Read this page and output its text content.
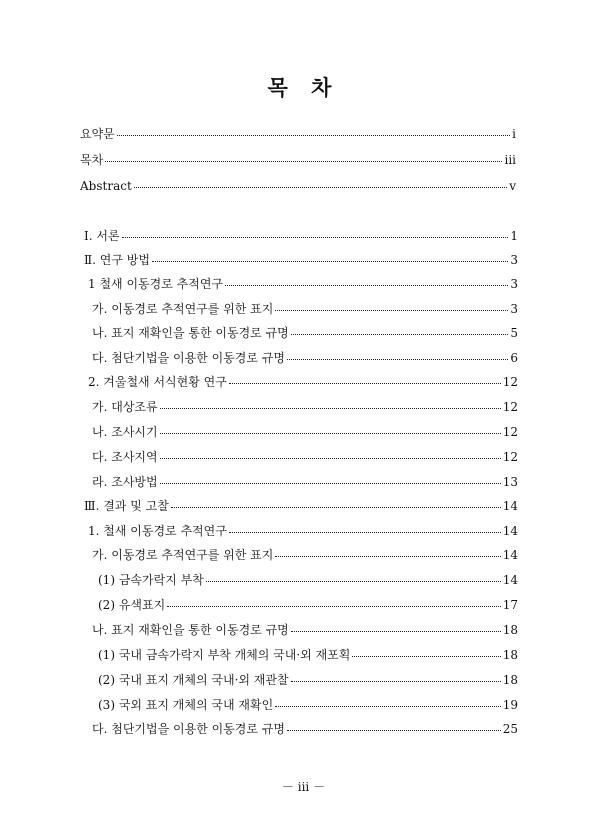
목 차
요약문	i
목차	iii
Abstract	v
Ⅰ. 서론	1
Ⅱ. 연구 방법	3
1 철새 이동경로 추적연구	3
가. 이동경로 추적연구를 위한 표지	3
나. 표지 재확인을 통한 이동경로 규명	5
다. 첨단기법을 이용한 이동경로 규명	6
2. 겨울철새 서식현황 연구	12
가. 대상조류	12
나. 조사시기	12
다. 조사지역	12
라. 조사방법	13
Ⅲ. 결과 및 고찰	14
1. 철새 이동경로 추적연구	14
가. 이동경로 추적연구를 위한 표지	14
(1) 금속가락지 부착	14
(2) 유색표지	17
나. 표지 재확인을 통한 이동경로 규명	18
(1) 국내 금속가락지 부착 개체의 국내·외 재포획	18
(2) 국내 표지 개체의 국내·외 재관찰	18
(3) 국외 표지 개체의 국내 재확인	19
다. 첨단기법을 이용한 이동경로 규명	25
－ iii －
